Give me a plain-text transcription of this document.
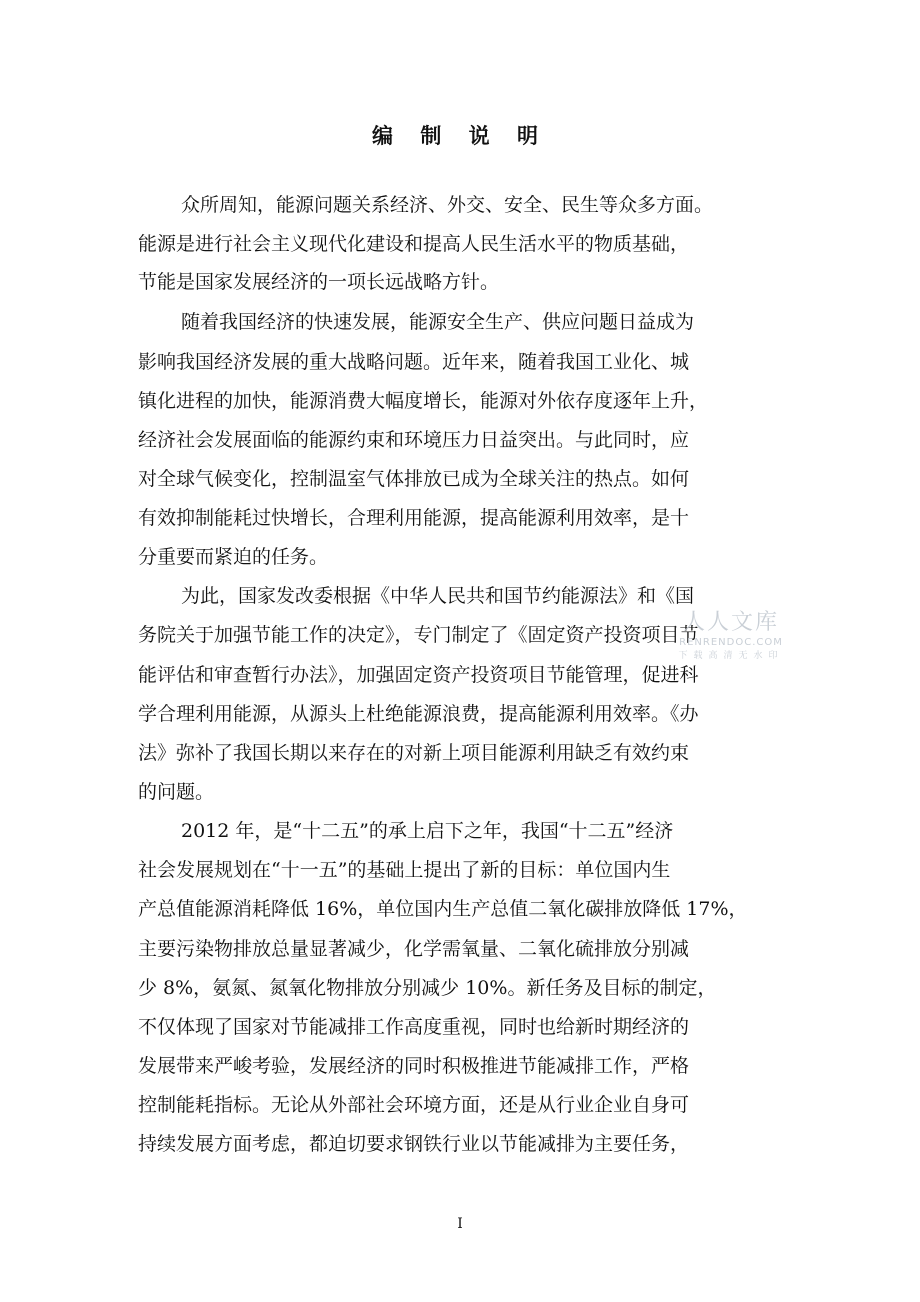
编 制 说 明
众所周知，能源问题关系经济、外交、安全、民生等众多方面。
能源是进行社会主义现代化建设和提高人民生活水平的物质基础，
节能是国家发展经济的一项长远战略方针。
随着我国经济的快速发展，能源安全生产、供应问题日益成为
影响我国经济发展的重大战略问题。近年来，随着我国工业化、城
镇化进程的加快，能源消费大幅度增长，能源对外依存度逐年上升，
经济社会发展面临的能源约束和环境压力日益突出。与此同时，应
对全球气候变化，控制温室气体排放已成为全球关注的热点。如何
有效抑制能耗过快增长，合理利用能源，提高能源利用效率，是十
分重要而紧迫的任务。
为此，国家发改委根据《中华人民共和国节约能源法》和《国
务院关于加强节能工作的决定》，专门制定了《固定资产投资项目节
能评估和审查暂行办法》，加强固定资产投资项目节能管理，促进科
学合理利用能源，从源头上杜绝能源浪费，提高能源利用效率。《办
法》弥补了我国长期以来存在的对新上项目能源利用缺乏有效约束
的问题。
2012 年，是“十二五”的承上启下之年，我国“十二五”经济
社会发展规划在“十一五”的基础上提出了新的目标：单位国内生
产总值能源消耗降低 16%，单位国内生产总值二氧化碳排放降低 17%，
主要污染物排放总量显著减少，化学需氧量、二氧化硫排放分别减
少 8%，氨氮、氮氧化物排放分别减少 10%。新任务及目标的制定，
不仅体现了国家对节能减排工作高度重视，同时也给新时期经济的
发展带来严峻考验，发展经济的同时积极推进节能减排工作，严格
控制能耗指标。无论从外部社会环境方面，还是从行业企业自身可
持续发展方面考虑，都迫切要求钢铁行业以节能减排为主要任务，
人人文库
RENRENDOC.COM
下载高清无水印
I
